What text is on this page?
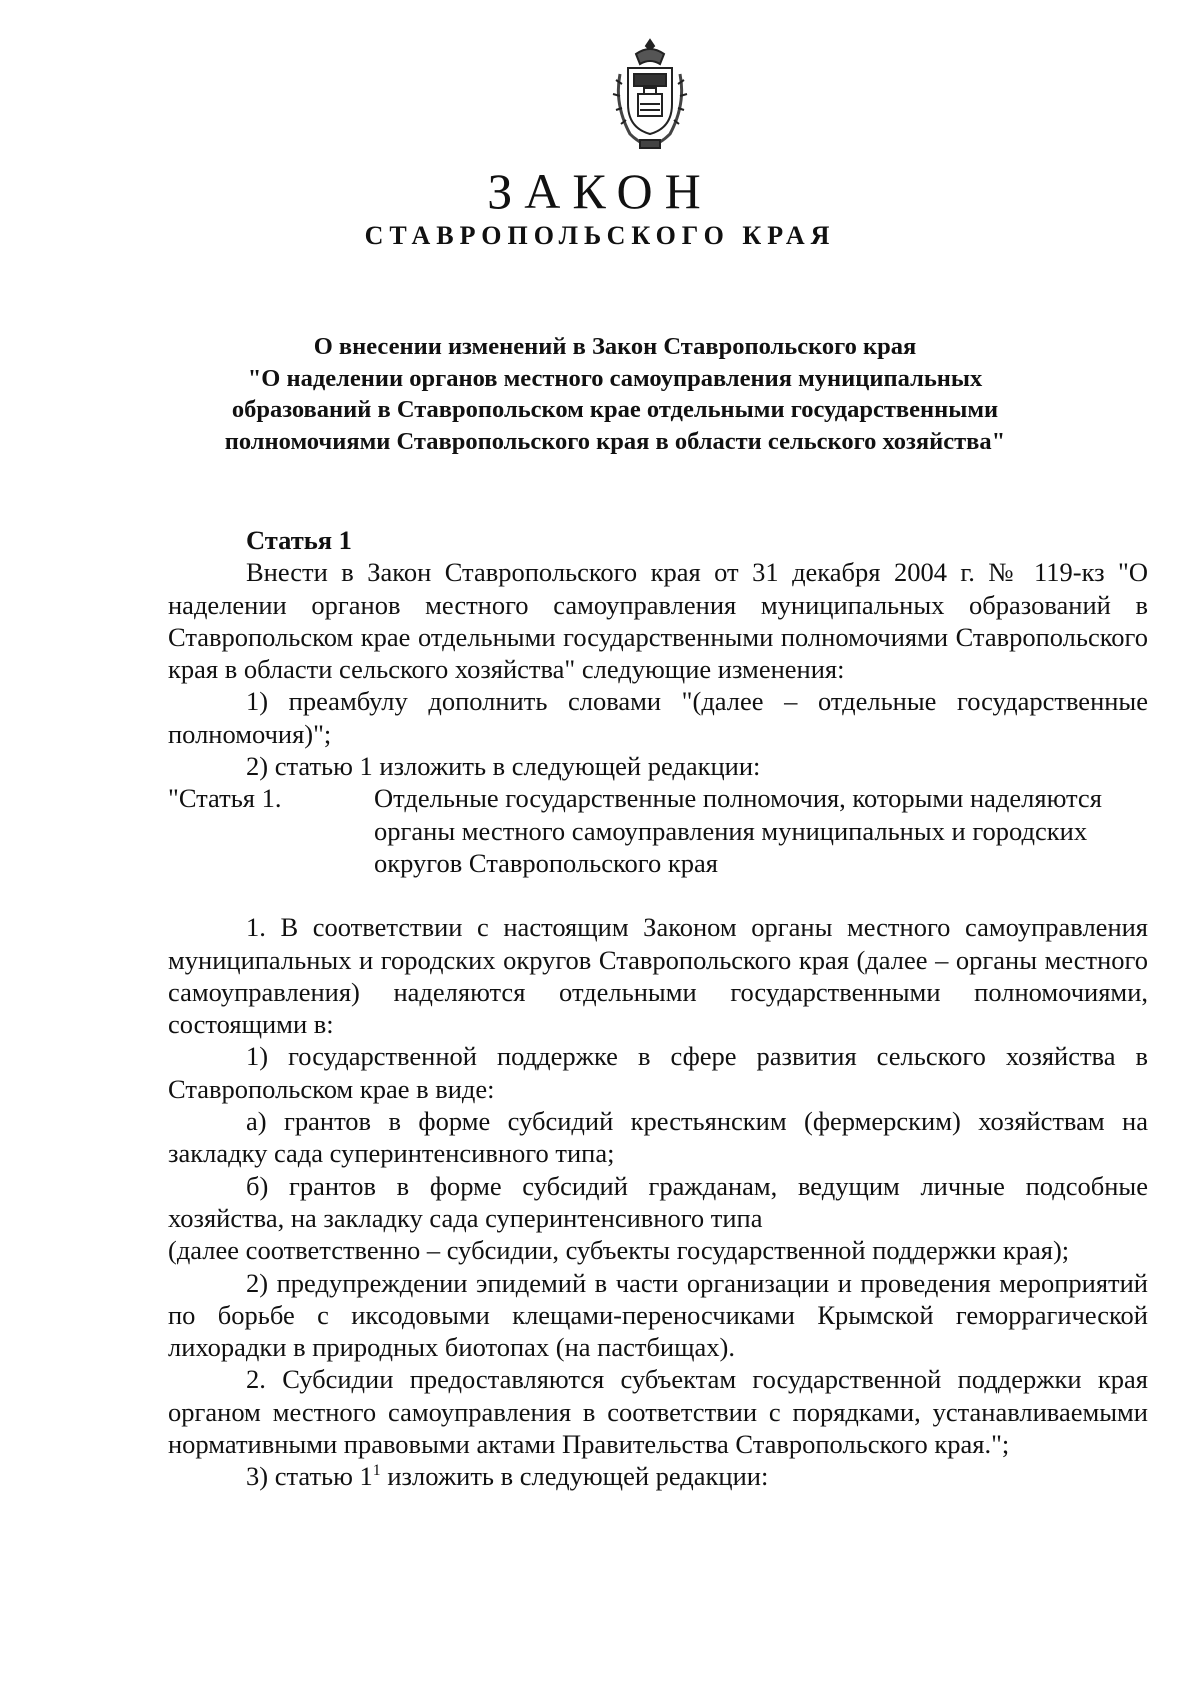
ЗАКОН
СТАВРОПОЛЬСКОГО КРАЯ
О внесении изменений в Закон Ставропольского края
"О наделении органов местного самоуправления муниципальных
образований в Ставропольском крае отдельными государственными
полномочиями Ставропольского края в области сельского хозяйства"

Статья 1

Внести в Закон Ставропольского края от 31 декабря 2004 г. № 119-кз "О наделении органов местного самоуправления муниципальных образований в Ставропольском крае отдельными государственными полномочиями Ставропольского края в области сельского хозяйства" следующие изменения:

1) преамбулу дополнить словами "(далее – отдельные государственные полномочия)";

2) статью 1 изложить в следующей редакции:

"Статья 1.	Отдельные государственные полномочия, которыми наделяются органы местного самоуправления муниципальных и городских округов Ставропольского края

1. В соответствии с настоящим Законом органы местного самоуправления муниципальных и городских округов Ставропольского края (далее – органы местного самоуправления) наделяются отдельными государственными полномочиями, состоящими в:

1) государственной поддержке в сфере развития сельского хозяйства в Ставропольском крае в виде:

а) грантов в форме субсидий крестьянским (фермерским) хозяйствам на закладку сада суперинтенсивного типа;

б) грантов в форме субсидий гражданам, ведущим личные подсобные хозяйства, на закладку сада суперинтенсивного типа

(далее соответственно – субсидии, субъекты государственной поддержки края);

2) предупреждении эпидемий в части организации и проведения мероприятий по борьбе с иксодовыми клещами-переносчиками Крымской геморрагической лихорадки в природных биотопах (на пастбищах).

2. Субсидии предоставляются субъектам государственной поддержки края органом местного самоуправления в соответствии с порядками, устанавливаемыми нормативными правовыми актами Правительства Ставропольского края.";

3) статью $1^1$ изложить в следующей редакции:
